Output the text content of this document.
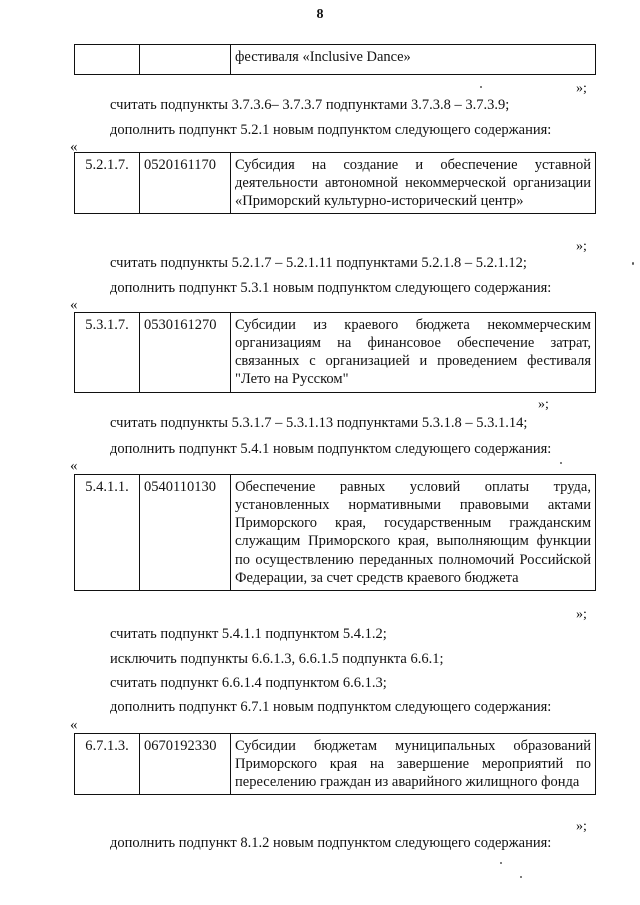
8
		фестиваля «Inclusive Dance»
»;
считать подпункты 3.7.3.6– 3.7.3.7 подпунктами 3.7.3.8 – 3.7.3.9;
дополнить подпункт 5.2.1 новым подпунктом следующего содержания:
«
5.2.1.7.	0520161170	Субсидия на создание и обеспечение уставной деятельности автономной некоммерческой организации «Приморский культурно-исторический центр»
»;
считать подпункты 5.2.1.7 – 5.2.1.11 подпунктами 5.2.1.8 – 5.2.1.12;
дополнить подпункт 5.3.1 новым подпунктом следующего содержания:
«
5.3.1.7.	0530161270	Субсидии из краевого бюджета некоммерческим организациям на финансовое обеспечение затрат, связанных с организацией и проведением фестиваля "Лето на Русском"
»;
считать подпункты 5.3.1.7 – 5.3.1.13 подпунктами 5.3.1.8 – 5.3.1.14;
дополнить подпункт 5.4.1 новым подпунктом следующего содержания:
«
5.4.1.1.	0540110130	Обеспечение равных условий оплаты труда, установленных нормативными правовыми актами Приморского края, государственным гражданским служащим Приморского края, выполняющим функции по осуществлению переданных полномочий Российской Федерации, за счет средств краевого бюджета
»;
считать подпункт 5.4.1.1 подпунктом 5.4.1.2;
исключить подпункты 6.6.1.3, 6.6.1.5 подпункта 6.6.1;
считать подпункт 6.6.1.4 подпунктом 6.6.1.3;
дополнить подпункт 6.7.1 новым подпунктом следующего содержания:
«
6.7.1.3.	0670192330	Субсидии бюджетам муниципальных образований Приморского края на завершение мероприятий по переселению граждан из аварийного жилищного фонда
»;
дополнить подпункт 8.1.2 новым подпунктом следующего содержания:
